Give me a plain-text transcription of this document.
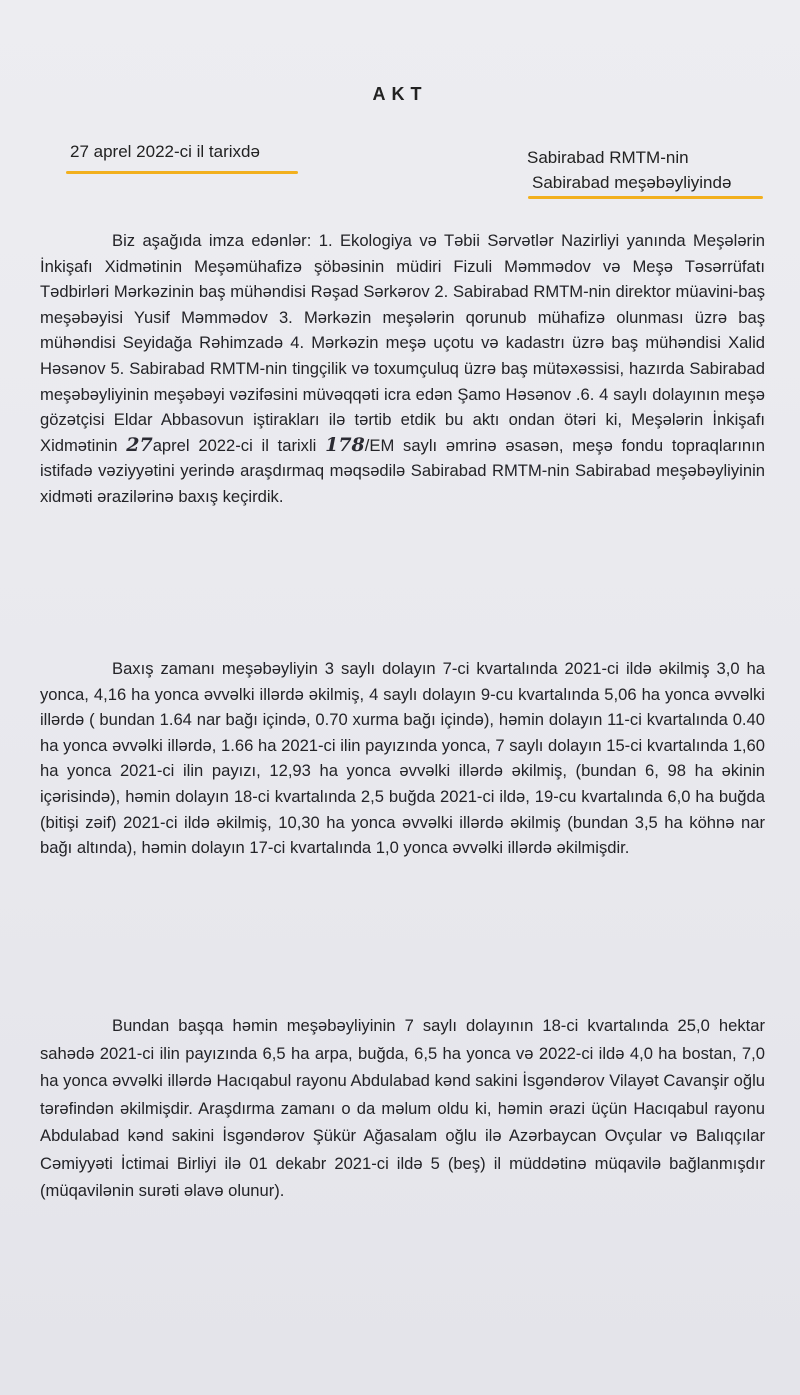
AKT
27 aprel 2022-ci il tarixdə	Sabirabad RMTM-nin
Sabirabad meşəbəyliyində
Biz aşağıda imza edənlər: 1. Ekologiya və Təbii Sərvətlər Nazirliyi yanında Meşələrin İnkişafı Xidmətinin Meşəmühafizə şöbəsinin müdiri Fizuli Məmmədov və Meşə Təsərrüfatı Tədbirləri Mərkəzinin baş mühəndisi Rəşad Sərkərov 2. Sabirabad RMTM-nin direktor müavini-baş meşəbəyisi Yusif Məmmədov 3. Mərkəzin meşələrin qorunub mühafizə olunması üzrə baş mühəndisi Seyidağa Rəhimzadə 4. Mərkəzin meşə uçotu və kadastrı üzrə baş mühəndisi Xalid Həsənov 5. Sabirabad RMTM-nin tingçilik və toxumçuluq üzrə baş mütəxəssisi, hazırda Sabirabad meşəbəyliyinin meşəbəyi vəzifəsini müvəqqəti icra edən Şamo Həsənov .6. 4 saylı dolayının meşə gözətçisi Eldar Abbasovun iştirakları ilə tərtib etdik bu aktı ondan ötəri ki, Meşələrin İnkişafı Xidmətinin 27aprel 2022-ci il tarixli 178/EM saylı əmrinə əsasən, meşə fondu topraqlarının istifadə vəziyyətini yerində araşdırmaq məqsədilə Sabirabad RMTM-nin Sabirabad meşəbəyliyinin xidməti ərazilərinə baxış keçirdik.
Baxış zamanı meşəbəyliyin 3 saylı dolayın 7-ci kvartalında 2021-ci ildə əkilmiş 3,0 ha yonca, 4,16 ha yonca əvvəlki illərdə əkilmiş, 4 saylı dolayın 9-cu kvartalında 5,06 ha yonca əvvəlki illərdə ( bundan 1.64 nar bağı içində, 0.70 xurma bağı içində), həmin dolayın 11-ci kvartalında 0.40 ha yonca əvvəlki illərdə, 1.66 ha 2021-ci ilin payızında yonca, 7 saylı dolayın 15-ci kvartalında 1,60 ha yonca 2021-ci ilin payızı, 12,93 ha yonca əvvəlki illərdə əkilmiş, (bundan 6, 98 ha əkinin içərisində), həmin dolayın 18-ci kvartalında 2,5 buğda 2021-ci ildə, 19-cu kvartalında 6,0 ha buğda (bitişi zəif) 2021-ci ildə əkilmiş, 10,30 ha yonca əvvəlki illərdə əkilmiş (bundan 3,5 ha köhnə nar bağı altında), həmin dolayın 17-ci kvartalında 1,0 yonca əvvəlki illərdə əkilmişdir.
Bundan başqa həmin meşəbəyliyinin 7 saylı dolayının 18-ci kvartalında 25,0 hektar sahədə 2021-ci ilin payızında 6,5 ha arpa, buğda, 6,5 ha yonca və 2022-ci ildə 4,0 ha bostan, 7,0 ha yonca əvvəlki illərdə Hacıqabul rayonu Abdulabad kənd sakini İsgəndərov Vilayət Cavanşir oğlu tərəfindən əkilmişdir. Araşdırma zamanı o da məlum oldu ki, həmin ərazi üçün Hacıqabul rayonu Abdulabad kənd sakini İsgəndərov Şükür Ağasalam oğlu ilə Azərbaycan Ovçular və Balıqçılar Cəmiyyəti İctimai Birliyi ilə 01 dekabr 2021-ci ildə 5 (beş) il müddətinə müqavilə bağlanmışdır (müqavilənin surəti əlavə olunur).
